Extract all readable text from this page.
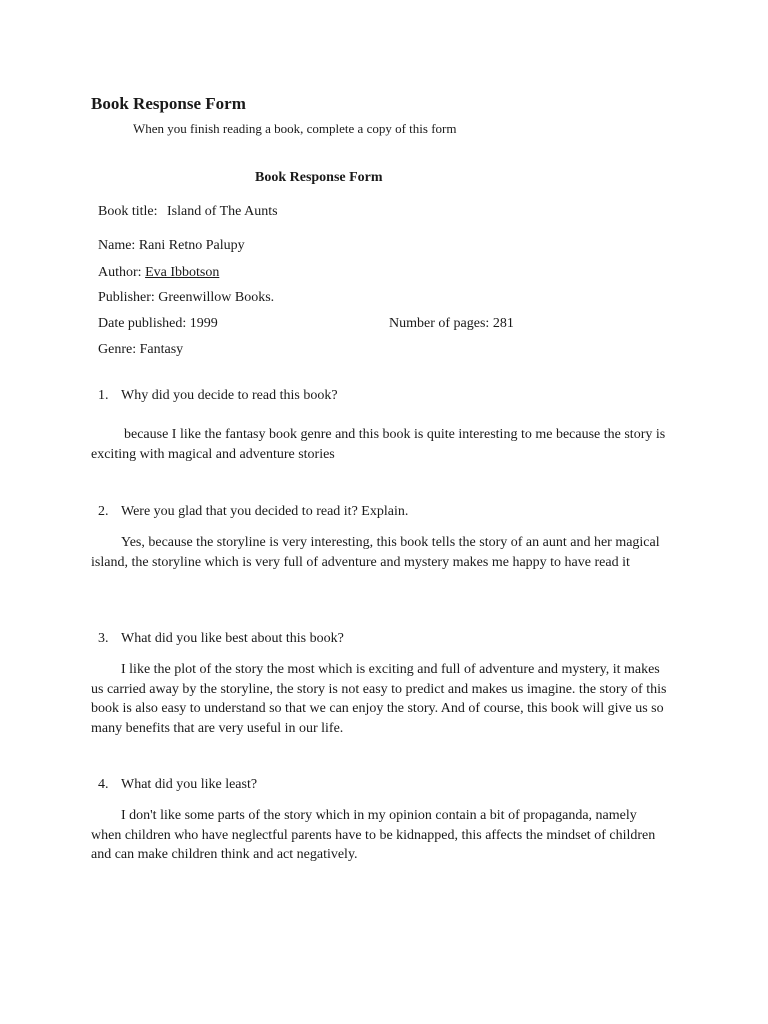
Book Response Form
When you finish reading a book, complete a copy of this form
Book Response Form
Book title: Island of The Aunts
Name: Rani Retno Palupy
Author: Eva Ibbotson
Publisher: Greenwillow Books.
Date published: 1999	Number of pages: 281
Genre: Fantasy
1. Why did you decide to read this book?
because I like the fantasy book genre and this book is quite interesting to me because the story is exciting with magical and adventure stories
2. Were you glad that you decided to read it? Explain.
Yes, because the storyline is very interesting, this book tells the story of an aunt and her magical island, the storyline which is very full of adventure and mystery makes me happy to have read it
3. What did you like best about this book?
I like the plot of the story the most which is exciting and full of adventure and mystery, it makes us carried away by the storyline, the story is not easy to predict and makes us imagine. the story of this book is also easy to understand so that we can enjoy the story. And of course, this book will give us so many benefits that are very useful in our life.
4. What did you like least?
I don't like some parts of the story which in my opinion contain a bit of propaganda, namely when children who have neglectful parents have to be kidnapped, this affects the mindset of children and can make children think and act negatively.
